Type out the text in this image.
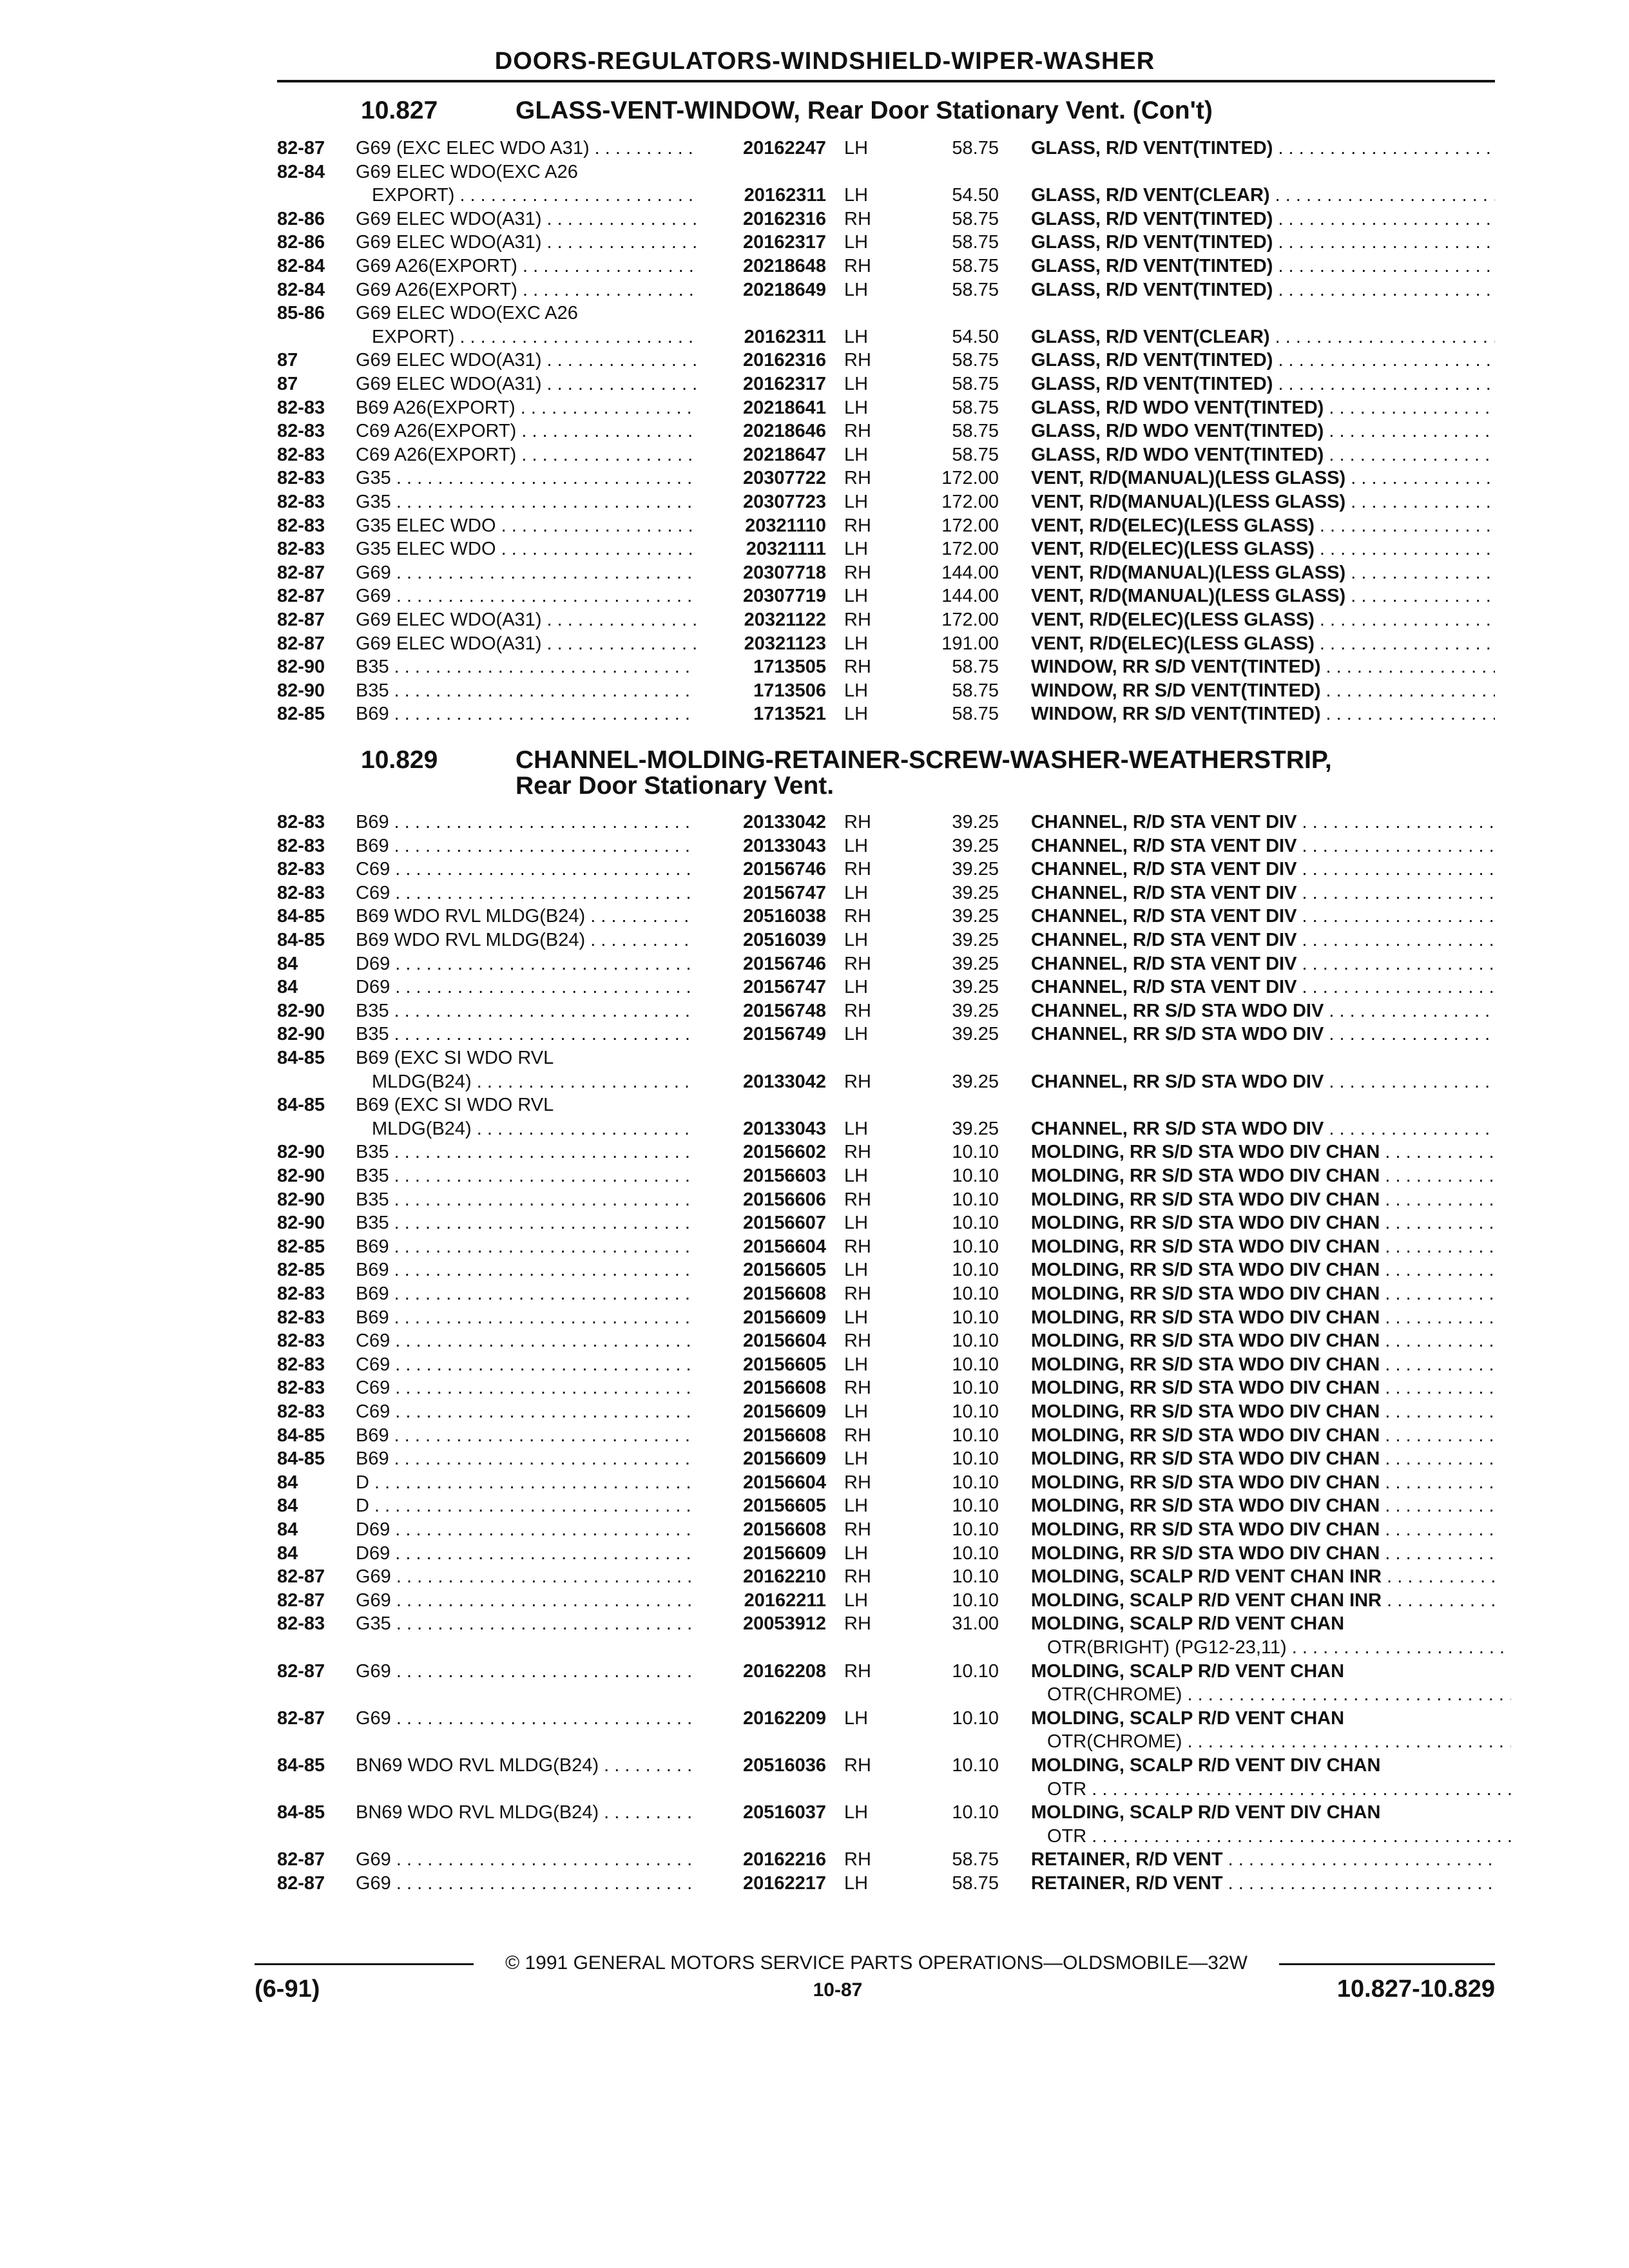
DOORS-REGULATORS-WINDSHIELD-WIPER-WASHER
10.827	GLASS-VENT-WINDOW, Rear Door Stationary Vent. (Con't)
82-87	G69 (EXC ELEC WDO A31) . . .	20162247 LH	58.75 GLASS, R/D VENT(TINTED) . . .
82-84	G69 ELEC WDO(EXC A26
EXPORT) . . .	20162311 LH	54.50 GLASS, R/D VENT(CLEAR) . . .
82-86	G69 ELEC WDO(A31) . . .	20162316 RH	58.75 GLASS, R/D VENT(TINTED) . . .
82-86	G69 ELEC WDO(A31) . . .	20162317 LH	58.75 GLASS, R/D VENT(TINTED) . . .
82-84	G69 A26(EXPORT) . . .	20218648 RH	58.75 GLASS, R/D VENT(TINTED) . . .
82-84	G69 A26(EXPORT) . . .	20218649 LH	58.75 GLASS, R/D VENT(TINTED) . . .
85-86	G69 ELEC WDO(EXC A26
EXPORT) . . .	20162311 LH	54.50 GLASS, R/D VENT(CLEAR) . . .
87	G69 ELEC WDO(A31) . . .	20162316 RH	58.75 GLASS, R/D VENT(TINTED) . . .
87	G69 ELEC WDO(A31) . . .	20162317 LH	58.75 GLASS, R/D VENT(TINTED) . . .
82-83	B69 A26(EXPORT) . . .	20218641 LH	58.75 GLASS, R/D WDO VENT(TINTED) . . .
82-83	C69 A26(EXPORT) . . .	20218646 RH	58.75 GLASS, R/D WDO VENT(TINTED) . . .
82-83	C69 A26(EXPORT) . . .	20218647 LH	58.75 GLASS, R/D WDO VENT(TINTED) . . .
82-83	G35 . . .	20307722 RH	172.00 VENT, R/D(MANUAL)(LESS GLASS) . . .
82-83	G35 . . .	20307723 LH	172.00 VENT, R/D(MANUAL)(LESS GLASS) . . .
82-83	G35 ELEC WDO . . .	20321110 RH	172.00 VENT, R/D(ELEC)(LESS GLASS) . . .
82-83	G35 ELEC WDO . . .	20321111 LH	172.00 VENT, R/D(ELEC)(LESS GLASS) . . .
82-87	G69 . . .	20307718 RH	144.00 VENT, R/D(MANUAL)(LESS GLASS) . . .
82-87	G69 . . .	20307719 LH	144.00 VENT, R/D(MANUAL)(LESS GLASS) . . .
82-87	G69 ELEC WDO(A31) . . .	20321122 RH	172.00 VENT, R/D(ELEC)(LESS GLASS) . . .
82-87	G69 ELEC WDO(A31) . . .	20321123 LH	191.00 VENT, R/D(ELEC)(LESS GLASS) . . .
82-90	B35 . . .	1713505 RH	58.75 WINDOW, RR S/D VENT(TINTED) . . .
82-90	B35 . . .	1713506 LH	58.75 WINDOW, RR S/D VENT(TINTED) . . .
82-85	B69 . . .	1713521 LH	58.75 WINDOW, RR S/D VENT(TINTED) . . .
10.829	CHANNEL-MOLDING-RETAINER-SCREW-WASHER-WEATHERSTRIP,
Rear Door Stationary Vent.
82-83	B69 . . .	20133042 RH	39.25 CHANNEL, R/D STA VENT DIV . . .
82-83	B69 . . .	20133043 LH	39.25 CHANNEL, R/D STA VENT DIV . . .
82-83	C69 . . .	20156746 RH	39.25 CHANNEL, R/D STA VENT DIV . . .
82-83	C69 . . .	20156747 LH	39.25 CHANNEL, R/D STA VENT DIV . . .
84-85	B69 WDO RVL MLDG(B24) . . .	20516038 RH	39.25 CHANNEL, R/D STA VENT DIV . . .
84-85	B69 WDO RVL MLDG(B24) . . .	20516039 LH	39.25 CHANNEL, R/D STA VENT DIV . . .
84	D69 . . .	20156746 RH	39.25 CHANNEL, R/D STA VENT DIV . . .
84	D69 . . .	20156747 LH	39.25 CHANNEL, R/D STA VENT DIV . . .
82-90	B35 . . .	20156748 RH	39.25 CHANNEL, RR S/D STA WDO DIV . . .
82-90	B35 . . .	20156749 LH	39.25 CHANNEL, RR S/D STA WDO DIV . . .
84-85	B69 (EXC SI WDO RVL
MLDG(B24) . . .	20133042 RH	39.25 CHANNEL, RR S/D STA WDO DIV . . .
84-85	B69 (EXC SI WDO RVL
MLDG(B24) . . .	20133043 LH	39.25 CHANNEL, RR S/D STA WDO DIV . . .
82-90	B35 . . .	20156602 RH	10.10 MOLDING, RR S/D STA WDO DIV CHAN . . .
82-90	B35 . . .	20156603 LH	10.10 MOLDING, RR S/D STA WDO DIV CHAN . . .
82-90	B35 . . .	20156606 RH	10.10 MOLDING, RR S/D STA WDO DIV CHAN . . .
82-90	B35 . . .	20156607 LH	10.10 MOLDING, RR S/D STA WDO DIV CHAN . . .
82-85	B69 . . .	20156604 RH	10.10 MOLDING, RR S/D STA WDO DIV CHAN . . .
82-85	B69 . . .	20156605 LH	10.10 MOLDING, RR S/D STA WDO DIV CHAN . . .
82-83	B69 . . .	20156608 RH	10.10 MOLDING, RR S/D STA WDO DIV CHAN . . .
82-83	B69 . . .	20156609 LH	10.10 MOLDING, RR S/D STA WDO DIV CHAN . . .
82-83	C69 . . .	20156604 RH	10.10 MOLDING, RR S/D STA WDO DIV CHAN . . .
82-83	C69 . . .	20156605 LH	10.10 MOLDING, RR S/D STA WDO DIV CHAN . . .
82-83	C69 . . .	20156608 RH	10.10 MOLDING, RR S/D STA WDO DIV CHAN . . .
82-83	C69 . . .	20156609 LH	10.10 MOLDING, RR S/D STA WDO DIV CHAN . . .
84-85	B69 . . .	20156608 RH	10.10 MOLDING, RR S/D STA WDO DIV CHAN . . .
84-85	B69 . . .	20156609 LH	10.10 MOLDING, RR S/D STA WDO DIV CHAN . . .
84	D . . .	20156604 RH	10.10 MOLDING, RR S/D STA WDO DIV CHAN . . .
84	D . . .	20156605 LH	10.10 MOLDING, RR S/D STA WDO DIV CHAN . . .
84	D69 . . .	20156608 RH	10.10 MOLDING, RR S/D STA WDO DIV CHAN . . .
84	D69 . . .	20156609 LH	10.10 MOLDING, RR S/D STA WDO DIV CHAN . . .
82-87	G69 . . .	20162210 RH	10.10 MOLDING, SCALP R/D VENT CHAN INR . . .
82-87	G69 . . .	20162211 LH	10.10 MOLDING, SCALP R/D VENT CHAN INR . . .
82-83	G35 . . .	20053912 RH	31.00 MOLDING, SCALP R/D VENT CHAN
OTR(BRIGHT) (PG12-23,11) . . .
82-87	G69 . . .	20162208 RH	10.10 MOLDING, SCALP R/D VENT CHAN
OTR(CHROME) . . .
82-87	G69 . . .	20162209 LH	10.10 MOLDING, SCALP R/D VENT CHAN
OTR(CHROME) . . .
84-85	BN69 WDO RVL MLDG(B24) . . .	20516036 RH	10.10 MOLDING, SCALP R/D VENT DIV CHAN
OTR . . .
84-85	BN69 WDO RVL MLDG(B24) . . .	20516037 LH	10.10 MOLDING, SCALP R/D VENT DIV CHAN
OTR . . .
82-87	G69 . . .	20162216 RH	58.75 RETAINER, R/D VENT . . .
82-87	G69 . . .	20162217 LH	58.75 RETAINER, R/D VENT . . .
© 1991 GENERAL MOTORS SERVICE PARTS OPERATIONS—OLDSMOBILE—32W
(6-91)	10-87	10.827-10.829
